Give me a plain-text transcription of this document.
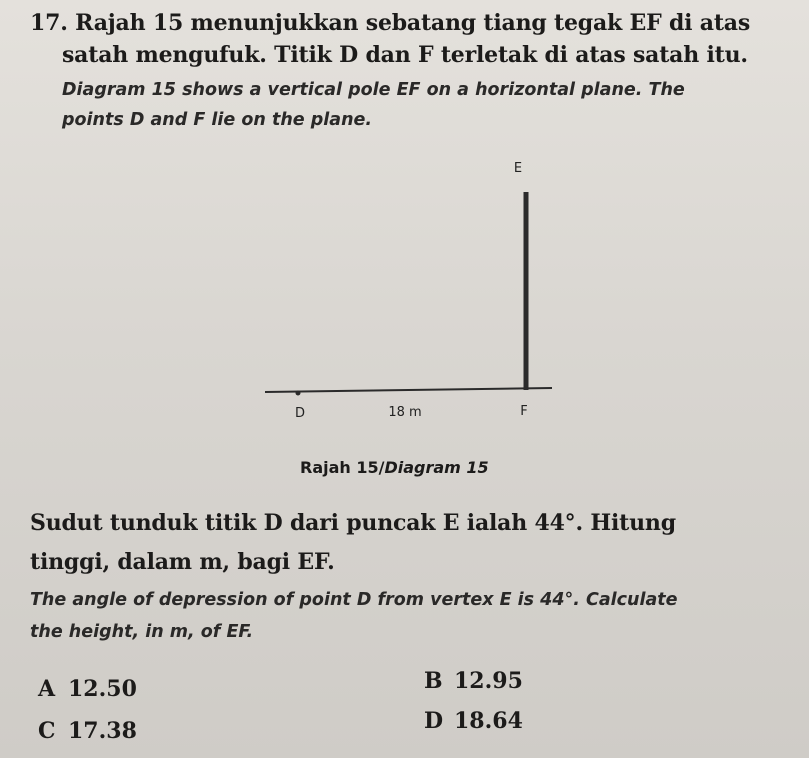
17. Rajah 15 menunjukkan sebatang tiang tegak EF di atas
satah mengufuk. Titik D dan F terletak di atas satah itu.
Diagram 15 shows a vertical pole EF on a horizontal plane. The
points D and F lie on the plane.
E
D	18 m	F
Rajah 15/Diagram 15
Sudut tunduk titik D dari puncak E ialah 44°. Hitung
tinggi, dalam m, bagi EF.
The angle of depression of point D from vertex E is 44°. Calculate
the height, in m, of EF.
A 12.50	B 12.95
C 17.38	D 18.64
